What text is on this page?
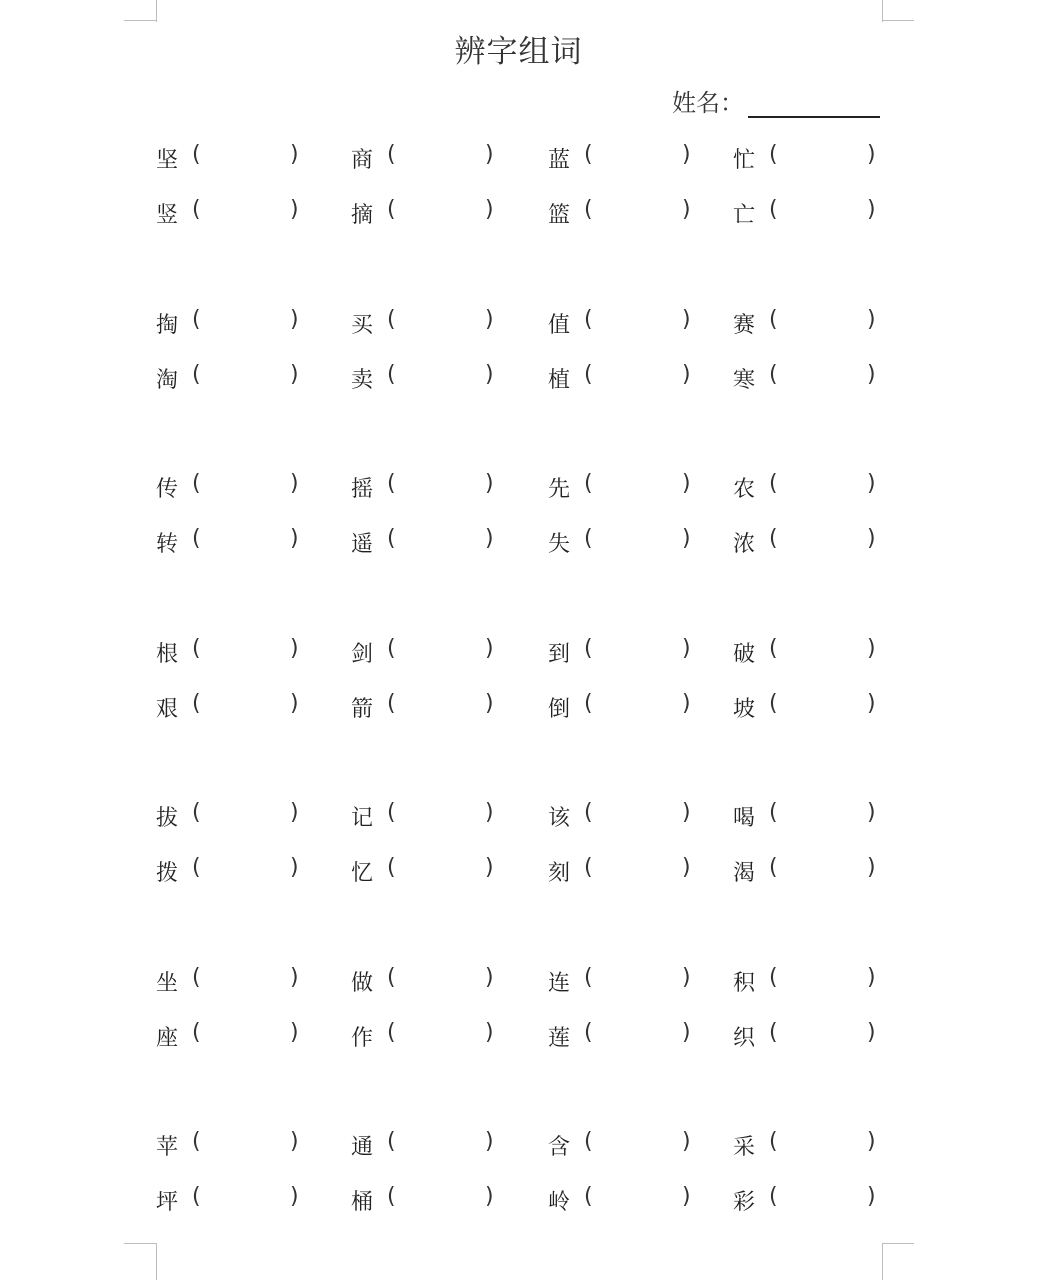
辨字组词
姓名：
坚 (	) 商 (	) 蓝 (	) 忙 (	)
竖 (	) 摘 (	) 篮 (	) 亡 (	)
掏 (	) 买 (	) 值 (	) 赛 (	)
淘 (	) 卖 (	) 植 (	) 寒 (	)
传 (	) 摇 (	) 先 (	) 农 (	)
转 (	) 遥 (	) 失 (	) 浓 (	)
根 (	) 剑 (	) 到 (	) 破 (	)
艰 (	) 箭 (	) 倒 (	) 坡 (	)
拔 (	) 记 (	) 该 (	) 喝 (	)
拨 (	) 忆 (	) 刻 (	) 渴 (	)
坐 (	) 做 (	) 连 (	) 积 (	)
座 (	) 作 (	) 莲 (	) 织 (	)
苹 (	) 通 (	) 含 (	) 采 (	)
坪 (	) 桶 (	) 岭 (	) 彩 (	)
